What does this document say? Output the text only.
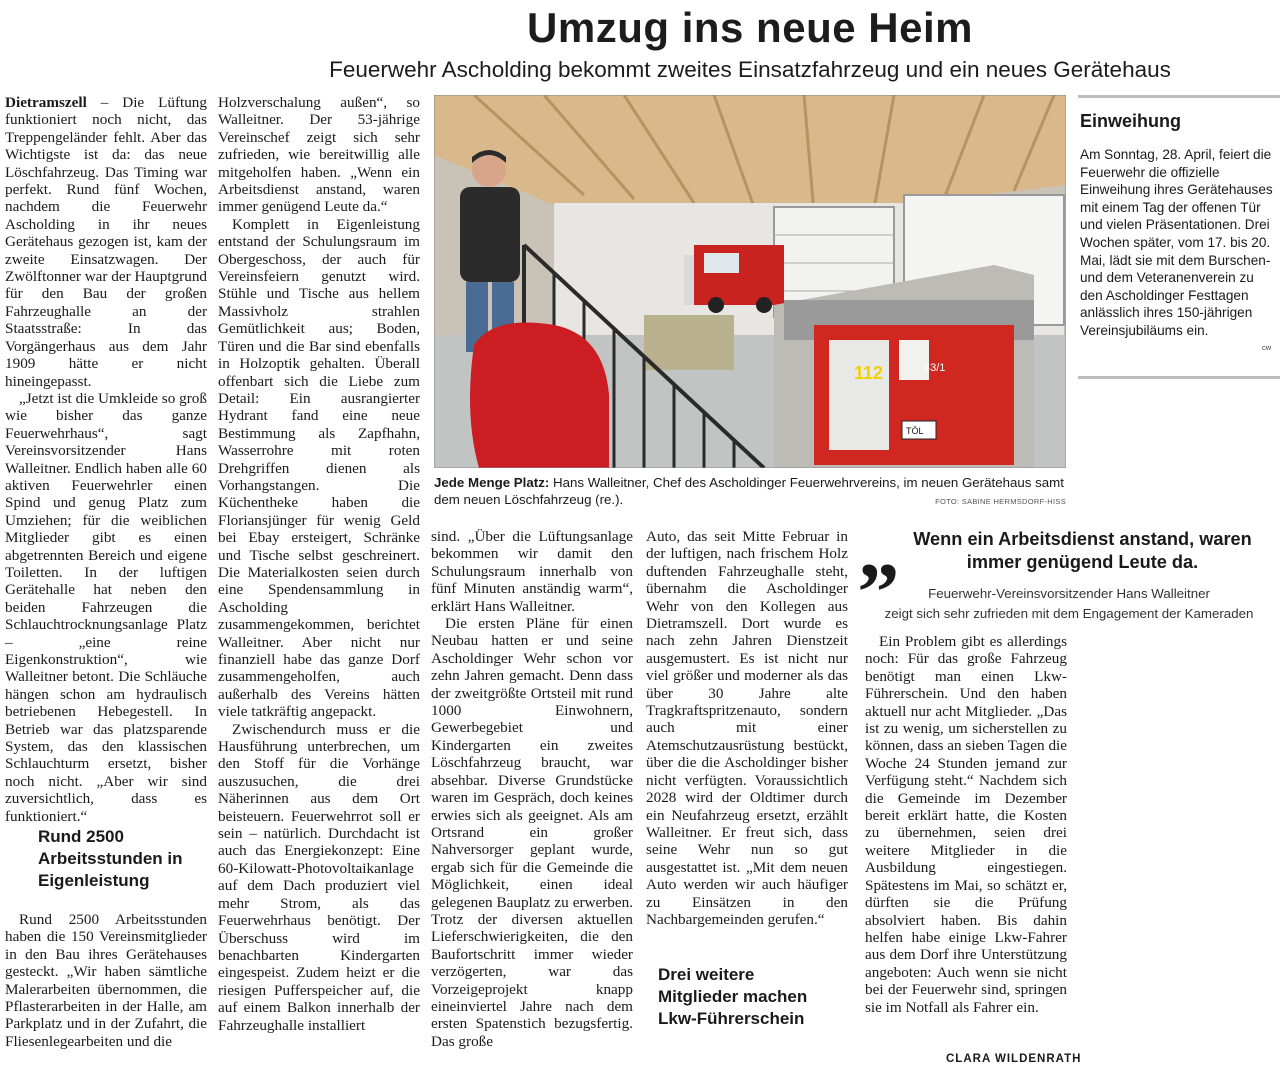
Umzug ins neue Heim
Feuerwehr Ascholding bekommt zweites Einsatzfahrzeug und ein neues Gerätehaus

Dietramszell – Die Lüftung funktioniert noch nicht, das Treppengeländer fehlt. Aber das Wichtigste ist da: das neue Löschfahrzeug. Das Timing war perfekt. Rund fünf Wochen, nachdem die Feuerwehr Ascholding in ihr neues Gerätehaus gezogen ist, kam der zweite Einsatzwagen. Der Zwölftonner war der Hauptgrund für den Bau der großen Fahrzeughalle an der Staatsstraße: In das Vorgängerhaus aus dem Jahr 1909 hätte er nicht hineingepasst.

„Jetzt ist die Umkleide so groß wie bisher das ganze Feuerwehrhaus“, sagt Vereinsvorsitzender Hans Walleitner. Endlich haben alle 60 aktiven Feuerwehrler einen Spind und genug Platz zum Umziehen; für die weiblichen Mitglieder gibt es einen abgetrennten Bereich und eigene Toiletten. In der luftigen Gerätehalle hat neben den beiden Fahrzeugen die Schlauchtrocknungsanlage Platz – „eine reine Eigenkonstruktion“, wie Walleitner betont. Die Schläuche hängen schon am hydraulisch betriebenen Hebegestell. In Betrieb war das platzsparende System, das den klassischen Schlauchturm ersetzt, bisher noch nicht. „Aber wir sind zuversichtlich, dass es funktioniert.“

Rund 2500 Arbeitsstunden in Eigenleistung

Rund 2500 Arbeitsstunden haben die 150 Vereinsmitglieder in den Bau ihres Gerätehauses gesteckt. „Wir haben sämtliche Malerarbeiten übernommen, die Pflasterarbeiten in der Halle, am Parkplatz und in der Zufahrt, die Fliesenlegearbeiten und die

Holzverschalung außen“, so Walleitner. Der 53-jährige Vereinschef zeigt sich sehr zufrieden, wie bereitwillig alle mitgeholfen haben. „Wenn ein Arbeitsdienst anstand, waren immer genügend Leute da.“

Komplett in Eigenleistung entstand der Schulungsraum im Obergeschoss, der auch für Vereinsfeiern genutzt wird. Stühle und Tische aus hellem Massivholz strahlen Gemütlichkeit aus; Boden, Türen und die Bar sind ebenfalls in Holzoptik gehalten. Überall offenbart sich die Liebe zum Detail: Ein ausrangierter Hydrant fand eine neue Bestimmung als Zapfhahn, Wasserrohre mit roten Drehgriffen dienen als Vorhangstangen. Die Küchentheke haben die Floriansjünger für wenig Geld bei Ebay ersteigert, Schränke und Tische selbst geschreinert. Die Materialkosten seien durch eine Spendensammlung in Ascholding zusammengekommen, berichtet Walleitner. Aber nicht nur finanziell habe das ganze Dorf zusammengeholfen, auch außerhalb des Vereins hätten viele tatkräftig angepackt.

Zwischendurch muss er die Hausführung unterbrechen, um den Stoff für die Vorhänge auszusuchen, die drei Näherinnen aus dem Ort beisteuern. Feuerwehrrot soll er sein – natürlich. Durchdacht ist auch das Energiekonzept: Eine 60-Kilowatt-Photovoltaikanlage auf dem Dach produziert viel mehr Strom, als das Feuerwehrhaus benötigt. Der Überschuss wird im benachbarten Kindergarten eingespeist. Zudem heizt er die riesigen Pufferspeicher auf, die auf einem Balkon innerhalb der Fahrzeughalle installiert

112	43/1
TÖL
Jede Menge Platz: Hans Walleitner, Chef des Ascholdinger Feuerwehrvereins, im neuen Gerätehaus samt dem neuen Löschfahrzeug (re.).	FOTO: SABINE HERMSDORF-HISS
Einweihung
Am Sonntag, 28. April, feiert die Feuerwehr die offizielle Einweihung ihres Gerätehauses mit einem Tag der offenen Tür und vielen Präsentationen. Drei Wochen später, vom 17. bis 20. Mai, lädt sie mit dem Burschen- und dem Veteranenverein zu den Ascholdinger Festtagen anlässlich ihres 150-jährigen Vereinsjubiläums ein.
cw

sind. „Über die Lüftungsanlage bekommen wir damit den Schulungsraum innerhalb von fünf Minuten anständig warm“, erklärt Hans Walleitner.

Die ersten Pläne für einen Neubau hatten er und seine Ascholdinger Wehr schon vor zehn Jahren gemacht. Denn dass der zweitgrößte Ortsteil mit rund 1000 Einwohnern, Gewerbegebiet und Kindergarten ein zweites Löschfahrzeug braucht, war absehbar. Diverse Grundstücke waren im Gespräch, doch keines erwies sich als geeignet. Als am Ortsrand ein großer Nahversorger geplant wurde, ergab sich für die Gemeinde die Möglichkeit, einen ideal gelegenen Bauplatz zu erwerben. Trotz der diversen aktuellen Lieferschwierigkeiten, die den Baufortschritt immer wieder verzögerten, war das Vorzeigeprojekt knapp eineinviertel Jahre nach dem ersten Spatenstich bezugsfertig. Das große

Auto, das seit Mitte Februar in der luftigen, nach frischem Holz duftenden Fahrzeughalle steht, übernahm die Ascholdinger Wehr von den Kollegen aus Dietramszell. Dort wurde es nach zehn Jahren Dienstzeit ausgemustert. Es ist nicht nur viel größer und moderner als das über 30 Jahre alte Tragkraftspritzenauto, sondern auch mit einer Atemschutzausrüstung bestückt, über die die Ascholdinger bisher nicht verfügten. Voraussichtlich 2028 wird der Oldtimer durch ein Neufahrzeug ersetzt, erzählt Walleitner. Er freut sich, dass seine Wehr nun so gut ausgestattet ist. „Mit dem neuen Auto werden wir auch häufiger zu Einsätzen in den Nachbargemeinden gerufen.“

Drei weitere Mitglieder machen Lkw-Führerschein
„ Wenn ein Arbeitsdienst anstand, waren immer genügend Leute da.
Feuerwehr-Vereinsvorsitzender Hans Walleitner
zeigt sich sehr zufrieden mit dem Engagement der Kameraden

Ein Problem gibt es allerdings noch: Für das große Fahrzeug benötigt man einen Lkw-Führerschein. Und den haben aktuell nur acht Mitglieder. „Das ist zu wenig, um sicherstellen zu können, dass an sieben Tagen die Woche 24 Stunden jemand zur Verfügung steht.“ Nachdem sich die Gemeinde im Dezember bereit erklärt hatte, die Kosten zu übernehmen, seien drei weitere Mitglieder in die Ausbildung eingestiegen. Spätestens im Mai, so schätzt er, dürften sie die Prüfung absolviert haben. Bis dahin helfen habe einige Lkw-Fahrer aus dem Dorf ihre Unterstützung angeboten: Auch wenn sie nicht bei der Feuerwehr sind, springen sie im Notfall als Fahrer ein.

CLARA WILDENRATH
